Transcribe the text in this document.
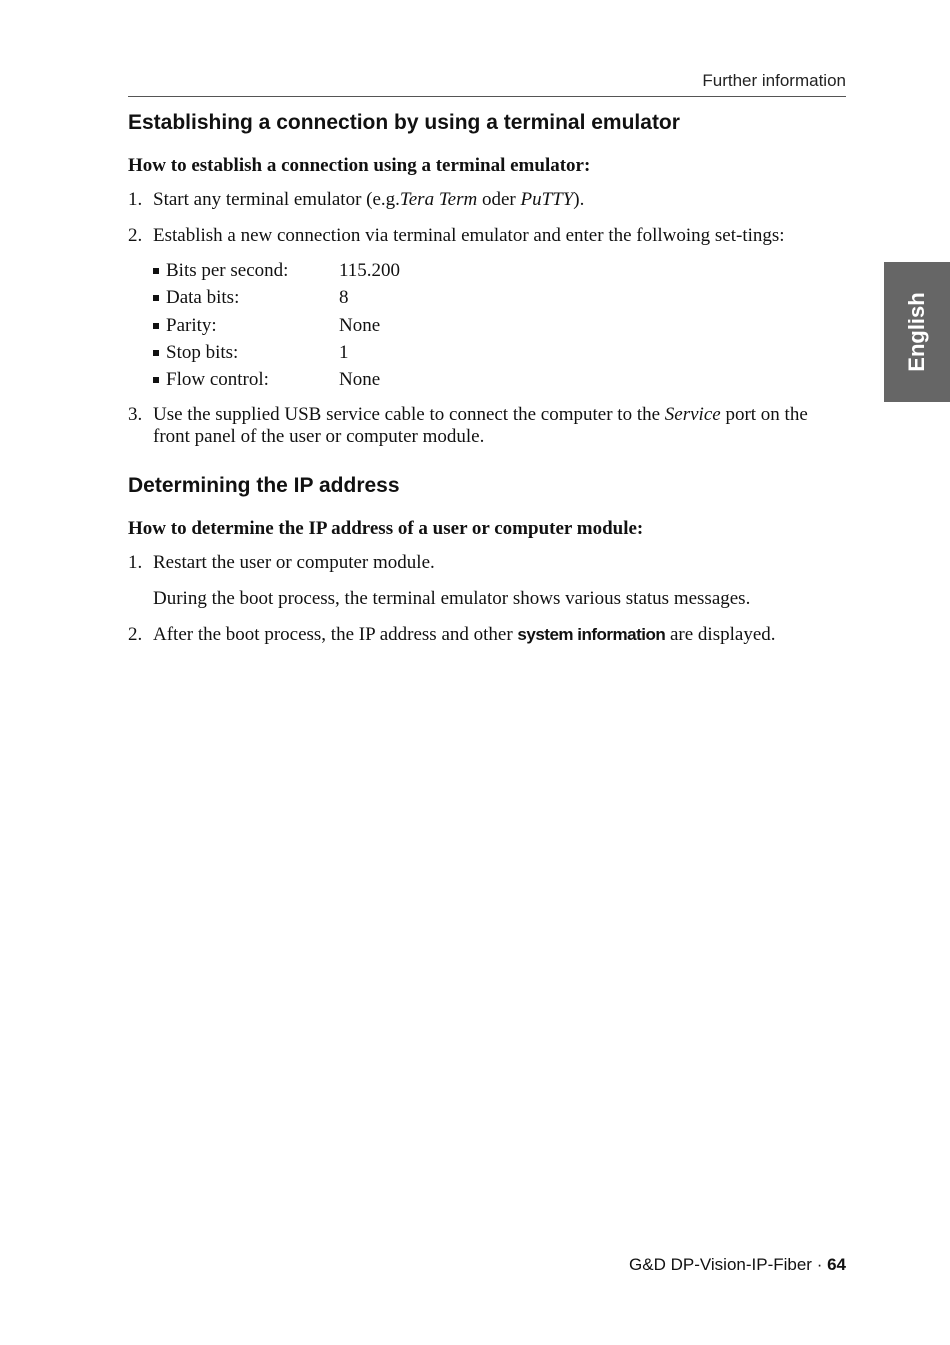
Further information
English
Establishing a connection by using a terminal emulator

How to establish a connection using a terminal emulator:

1. Start any terminal emulator (e.g.Tera Term oder PuTTY).
2. Establish a new connection via terminal emulator and enter the follwoing set-tings:
Bits per second:	115.200
Data bits:	8
Parity:	None
Stop bits:	1
Flow control:	None
3. Use the supplied USB service cable to connect the computer to the Service port on the front panel of the user or computer module.
Determining the IP address

How to determine the IP address of a user or computer module:

1. Restart the user or computer module.

During the boot process, the terminal emulator shows various status messages.

2. After the boot process, the IP address and other system information are displayed.
G&D DP-Vision-IP-Fiber · 64
